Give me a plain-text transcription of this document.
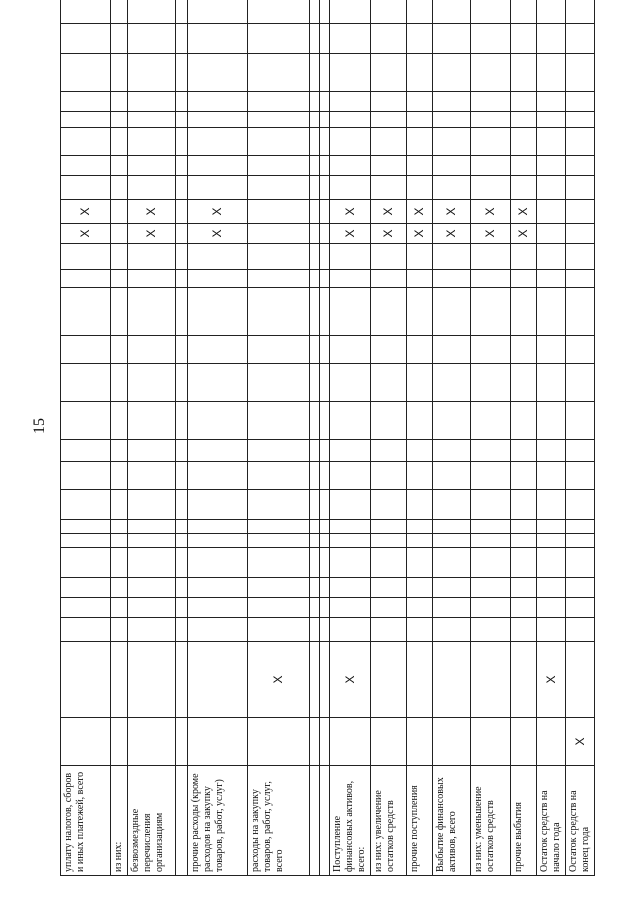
15
уплату налогов, сборов и иных платежей, всего																		X	X								
из них:																											
безвозмездные перечисления организациям																		X	X								

прочие расходы (кроме расходов на закупку товаров, работ, услуг)																		X	X								
расходы на закупку товаров, работ, услуг, всего		X																									

Поступление финансовых активов, всего:		X																X	X								
из них: увеличение остатков средств																		X	X								
прочие поступления																		X	X								
Выбытие финансовых активов, всего																		X	X								
из них: уменьшение остатков средств																		X	X								
прочие выбытия																		X	X								
Остаток средств на начало года		X																									
Остаток средств на конец года	X																										
